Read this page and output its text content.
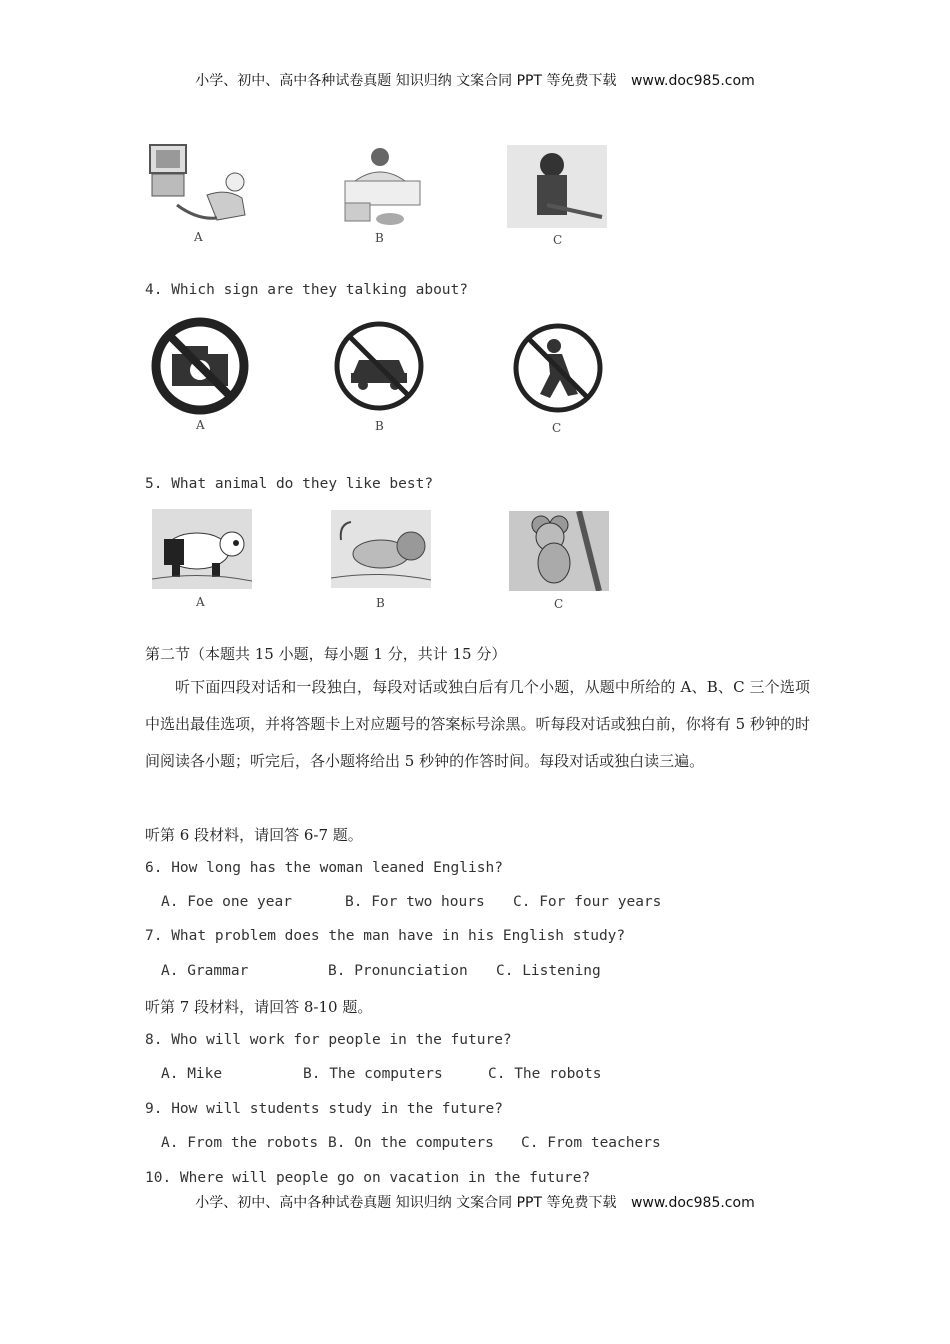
小学、初中、高中各种试卷真题 知识归纳 文案合同 PPT 等免费下载 www.doc985.com
A	B	C
4. Which sign are they talking about?
A	B	C
5. What animal do they like best?
A	B	C
第二节（本题共 15 小题，每小题 1 分，共计 15 分）
听下面四段对话和一段独白，每段对话或独白后有几个小题，从题中所给的 A、B、C 三个选项中选出最佳选项，并将答题卡上对应题号的答案标号涂黑。听每段对话或独白前，你将有 5 秒钟的时间阅读各小题；听完后，各小题将给出 5 秒钟的作答时间。每段对话或独白读三遍。
听第 6 段材料，请回答 6-7 题。
6. How long has the woman leaned English?
A. Foe one year	B. For two hours C. For four years
7. What problem does the man have in his English study?
A. Grammar	B. Pronunciation C. Listening
听第 7 段材料，请回答 8-10 题。
8. Who will work for people in the future?
A. Mike	B. The computers	C. The robots
9. How will students study in the future?
A. From the robots B. On the computers C. From teachers
10. Where will people go on vacation in the future?
小学、初中、高中各种试卷真题 知识归纳 文案合同 PPT 等免费下载 www.doc985.com
